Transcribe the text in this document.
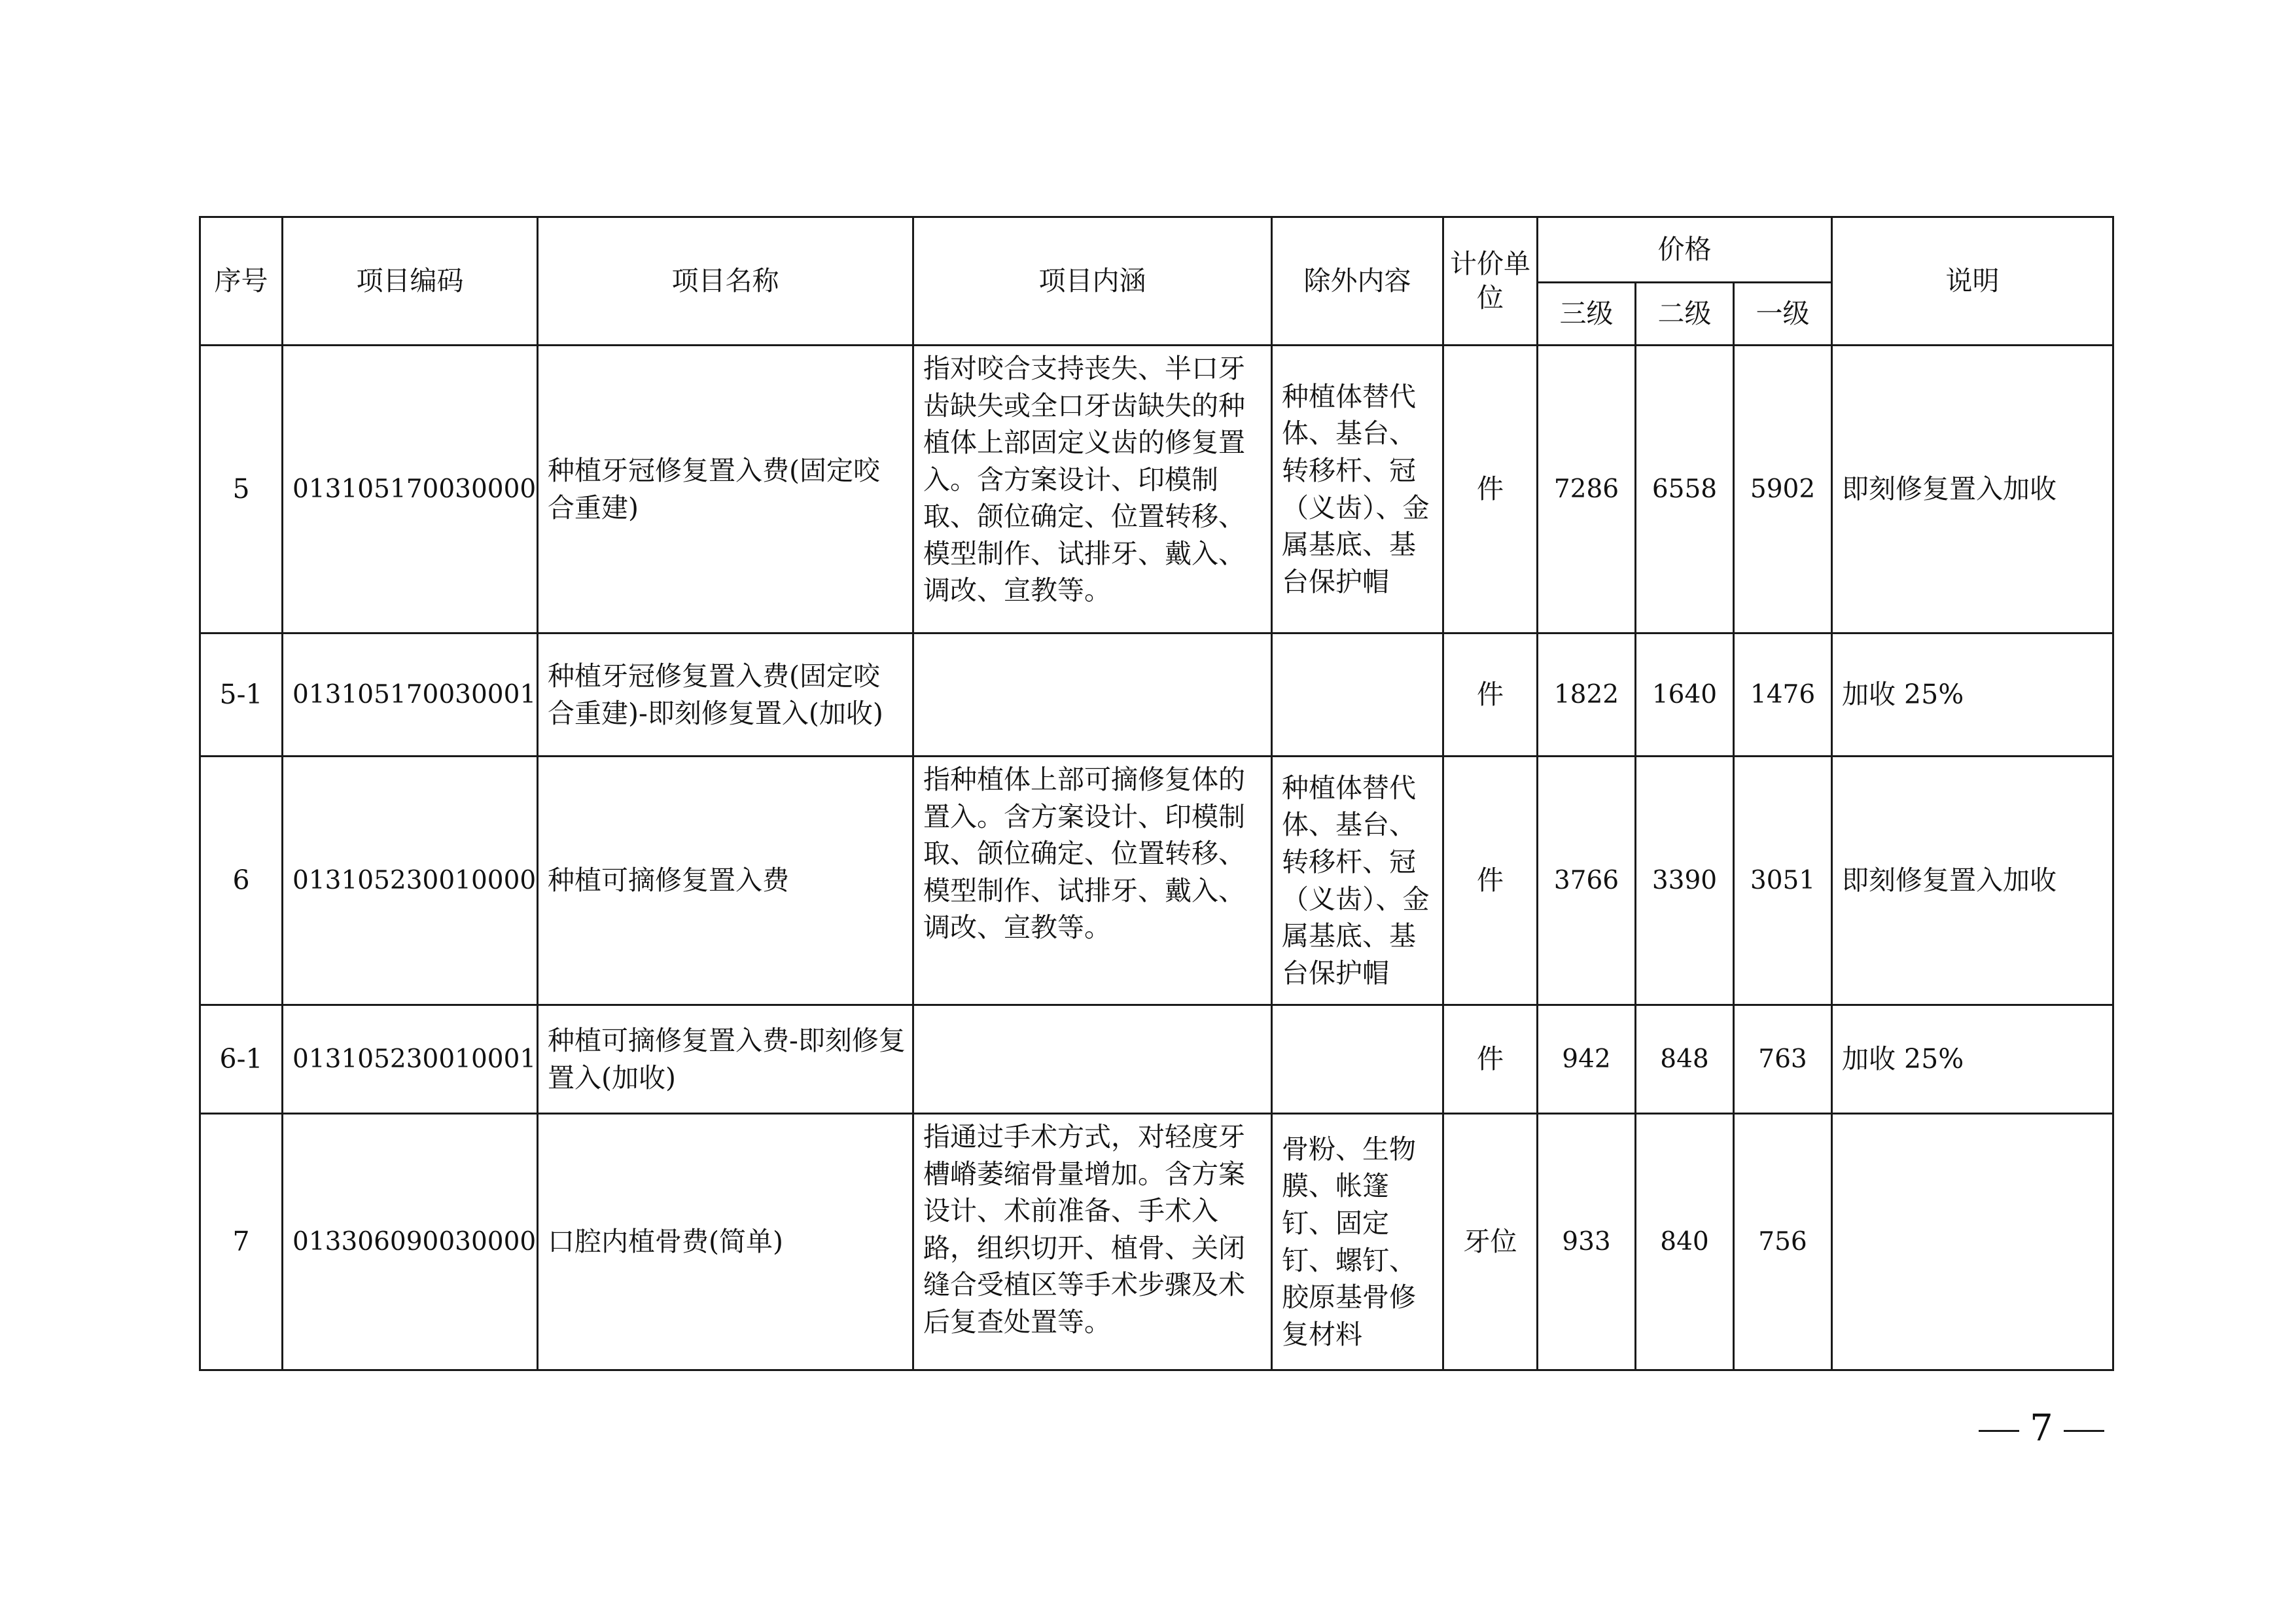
序号	项目编码	项目名称	项目内涵	除外内容	计价单位	价格			说明
						三级	二级	一级	
5	013105170030000	种植牙冠修复置入费(固定咬合重建)	指对咬合支持丧失、半口牙齿缺失或全口牙齿缺失的种植体上部固定义齿的修复置入。含方案设计、印模制取、颌位确定、位置转移、模型制作、试排牙、戴入、调改、宣教等。	种植体替代体、基台、转移杆、冠（义齿）、金属基底、基台保护帽	件	7286	6558	5902	即刻修复置入加收
5-1	013105170030001	种植牙冠修复置入费(固定咬合重建)-即刻修复置入(加收)			件	1822	1640	1476	加收 25%
6	013105230010000	种植可摘修复置入费	指种植体上部可摘修复体的置入。含方案设计、印模制取、颌位确定、位置转移、模型制作、试排牙、戴入、调改、宣教等。	种植体替代体、基台、转移杆、冠（义齿）、金属基底、基台保护帽	件	3766	3390	3051	即刻修复置入加收
6-1	013105230010001	种植可摘修复置入费-即刻修复置入(加收)			件	942	848	763	加收 25%
7	013306090030000	口腔内植骨费(简单)	指通过手术方式，对轻度牙槽嵴萎缩骨量增加。含方案设计、术前准备、手术入路，组织切开、植骨、关闭缝合受植区等手术步骤及术后复查处置等。	骨粉、生物膜、帐篷钉、固定钉、螺钉、胶原基骨修复材料	牙位	933	840	756	
7
